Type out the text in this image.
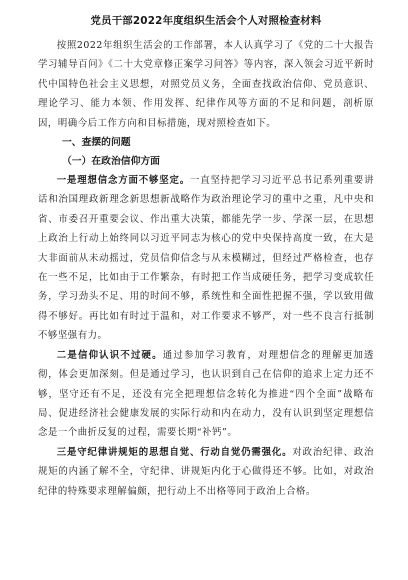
党员干部2022年度组织生活会个人对照检查材料

按照2022年组织生活会的工作部署，本人认真学习了《党的二十大报告学习辅导百问》《二十大党章修正案学习问答》等内容，深入领会习近平新时代中国特色社会主义思想，对照党员义务，全面查找政治信仰、党员意识、理论学习、能力本领、作用发挥、纪律作风等方面的不足和问题，剖析原因，明确今后工作方向和目标措施，现对照检查如下。

一、查摆的问题
（一）在政治信仰方面

一是理想信念方面不够坚定。一直坚持把学习习近平总书记系列重要讲话和治国理政新理念新思想新战略作为政治理论学习的重中之重，凡中央和省、市委召开重要会议、作出重大决策，都能先学一步、学深一层，在思想上政治上行动上始终同以习近平同志为核心的党中央保持高度一致，在大是大非面前从未动摇过，党员信仰信念与从未模糊过，但经过严格检查，也存在一些不足，比如由于工作繁杂，有时把工作当成硬任务，把学习变成软任务，学习劲头不足、用的时间不够，系统性和全面性把握不强，学以致用做得不够好。再比如有时过于温和，对工作要求不够严，对一些不良言行抵制不够坚强有力。

二是信仰认识不过硬。通过参加学习教育，对理想信念的理解更加透彻，体会更加深刻。但是通过学习，也认识到自己在信仰的追求上定力还不够，坚守还有不足，还没有完全把理想信念转化为推进“四个全面”战略布局、促进经济社会健康发展的实际行动和内在动力，没有认识到坚定理想信念是一个曲折反复的过程，需要长期“补钙”。

三是守纪律讲规矩的思想自觉、行动自觉仍需强化。对政治纪律、政治规矩的内涵了解不全，守纪律、讲规矩内化于心做得还不够。比如，对政治纪律的特殊要求理解偏颇，把行动上不出格等同于政治上合格。
